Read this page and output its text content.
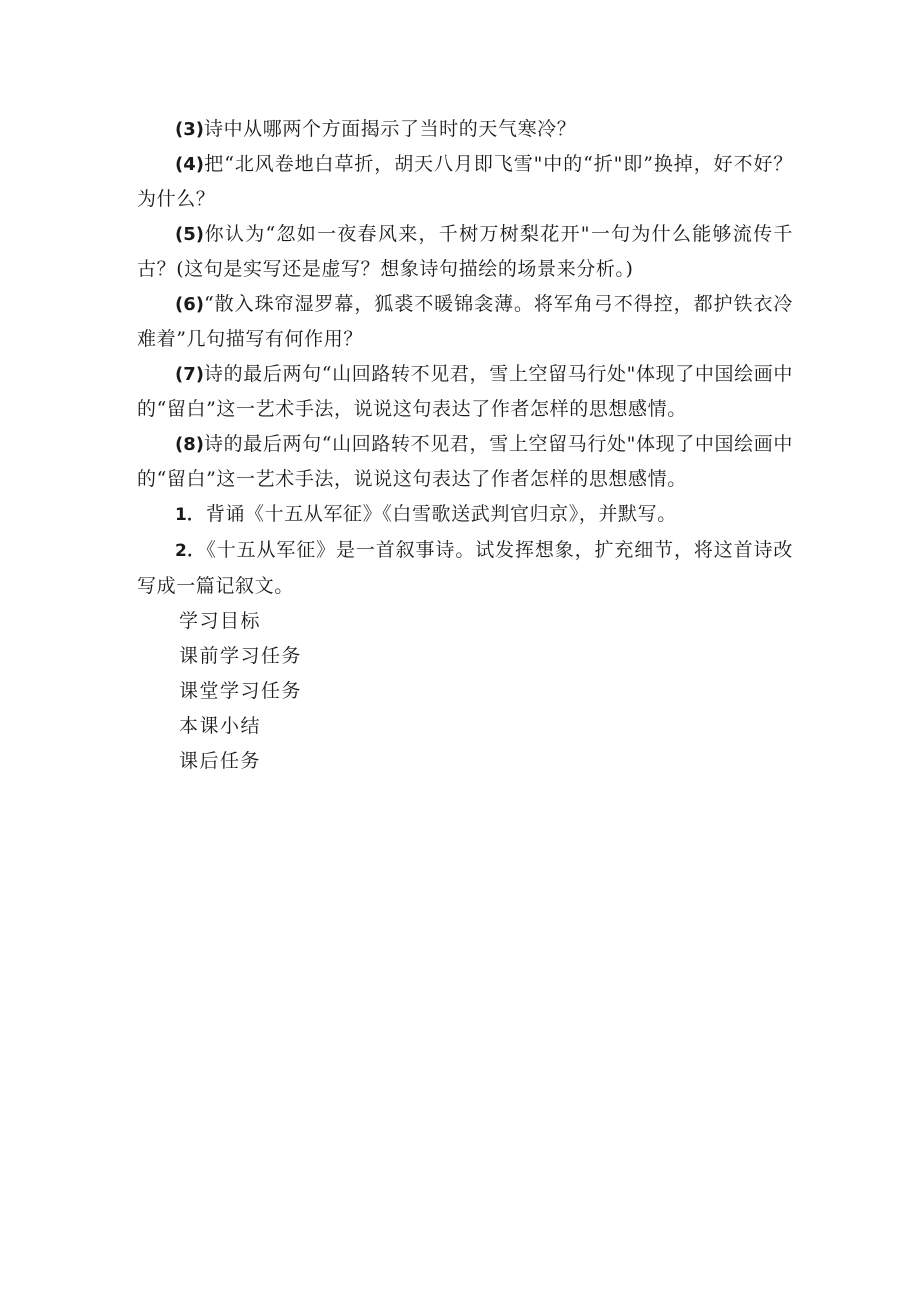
(3)诗中从哪两个方面揭示了当时的天气寒冷？

(4)把“北风卷地白草折，胡天八月即飞雪"中的“折"即”换掉，好不好？为什么？

(5)你认为“忽如一夜春风来，千树万树梨花开"一句为什么能够流传千古？(这句是实写还是虚写？想象诗句描绘的场景来分析。)

(6)“散入珠帘湿罗幕，狐裘不暖锦衾薄。将军角弓不得控，都护铁衣冷难着”几句描写有何作用？

(7)诗的最后两句“山回路转不见君，雪上空留马行处"体现了中国绘画中的“留白”这一艺术手法，说说这句表达了作者怎样的思想感情。

(8)诗的最后两句“山回路转不见君，雪上空留马行处"体现了中国绘画中的“留白”这一艺术手法，说说这句表达了作者怎样的思想感情。

1． 背诵《十五从军征》《白雪歌送武判官归京》，并默写。

2． 《十五从军征》是一首叙事诗。试发挥想象，扩充细节，将这首诗改写成一篇记叙文。

学习目标

课前学习任务

课堂学习任务

本课小结

课后任务
